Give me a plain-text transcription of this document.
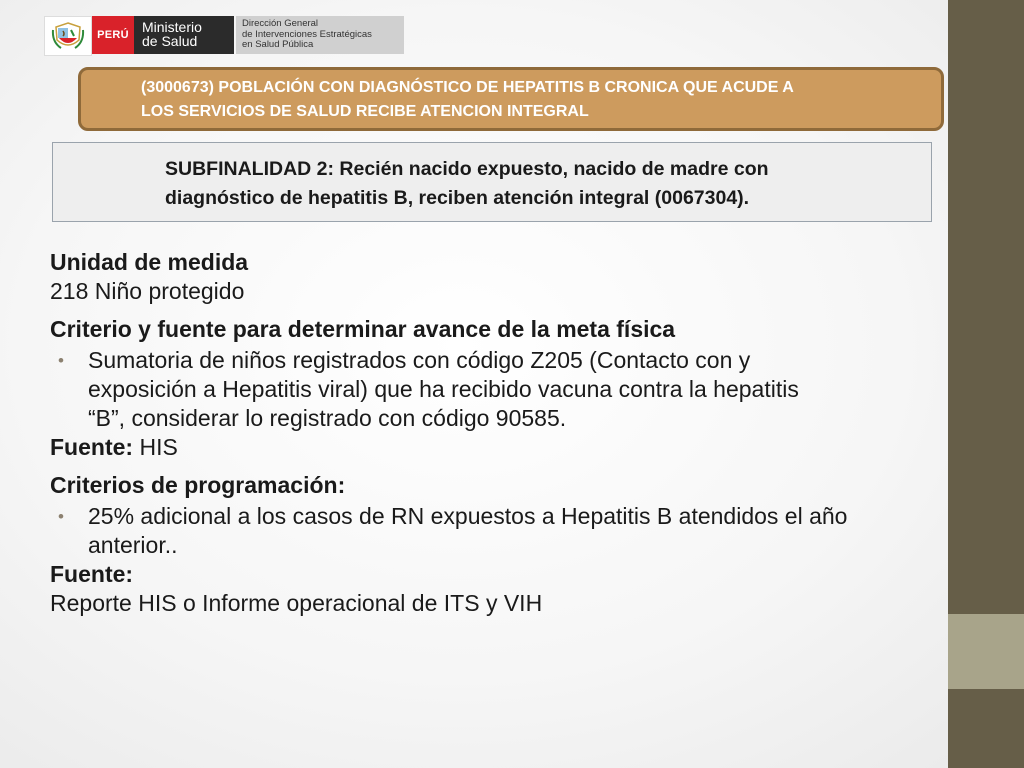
PERÚ Ministerio
de Salud
Dirección General
de Intervenciones Estratégicas
en Salud Pública
(3000673) POBLACIÓN CON DIAGNÓSTICO DE HEPATITIS B CRONICA QUE ACUDE A
LOS SERVICIOS DE SALUD RECIBE ATENCION INTEGRAL
SUBFINALIDAD 2: Recién nacido expuesto, nacido de madre con
diagnóstico de hepatitis B, reciben atención integral (0067304).
Unidad de medida
218 Niño protegido
Criterio y fuente para determinar avance de la meta física
• Sumatoria de niños registrados con código Z205 (Contacto con y
exposición a Hepatitis viral) que ha recibido vacuna contra la hepatitis
“B”, considerar lo registrado con código 90585.
Fuente: HIS
Criterios de programación:
• 25% adicional a los casos de RN expuestos a Hepatitis B atendidos el año
anterior..
Fuente:
Reporte HIS o Informe operacional de ITS y VIH
